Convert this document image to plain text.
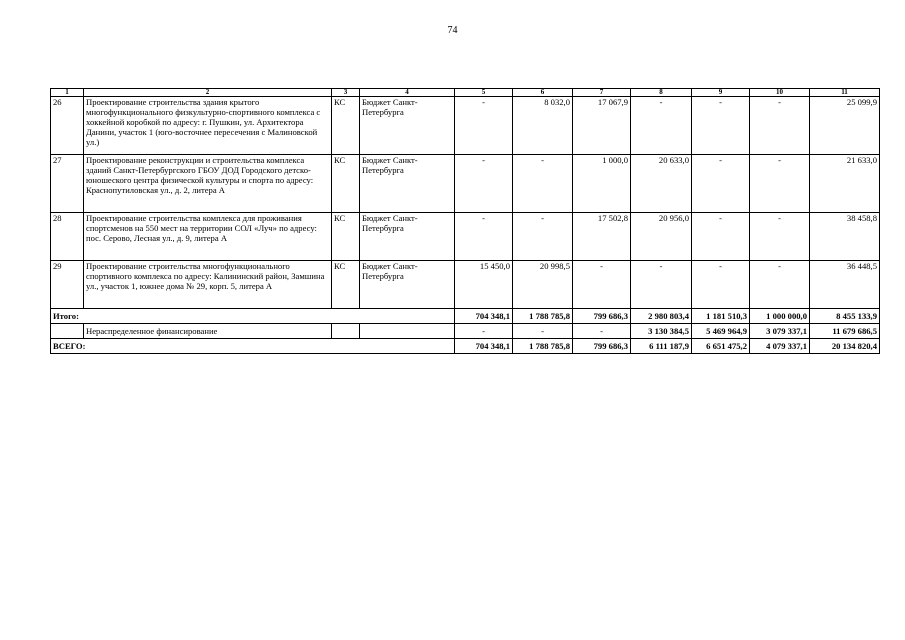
74
1	2	3	4	5	6	7	8	9	10	11
26	Проектирование строительства здания крытого многофункционального физкультурно-спортивного комплекса с хоккейной коробкой по адресу: г. Пушкин, ул. Архитектора Данини, участок 1 (юго-восточнее пересечения с Малиновской ул.)	КС	Бюджет Санкт-Петербурга	-	8 032,0	17 067,9	-	-	-	25 099,9
27	Проектирование реконструкции и строительства комплекса зданий Санкт-Петербургского ГБОУ ДОД Городского детско-юношеского центра физической культуры и спорта по адресу: Краснопутиловская ул., д. 2, литера А	КС	Бюджет Санкт-Петербурга	-	-	1 000,0	20 633,0	-	-	21 633,0
28	Проектирование строительства комплекса для проживания спортсменов на 550 мест на территории СОЛ «Луч» по адресу: пос. Серово, Лесная ул., д. 9, литера А	КС	Бюджет Санкт-Петербурга	-	-	17 502,8	20 956,0	-	-	38 458,8
29	Проектирование строительства многофункционального спортивного комплекса по адресу: Калининский район, Замшина ул., участок 1, южнее дома № 29, корп. 5, литера А	КС	Бюджет Санкт-Петербурга	15 450,0	20 998,5	-	-	-	-	36 448,5
Итого:				704 348,1	1 788 785,8	799 686,3	2 980 803,4	1 181 510,3	1 000 000,0	8 455 133,9
	Нераспределенное финансирование			-	-	-	3 130 384,5	5 469 964,9	3 079 337,1	11 679 686,5
ВСЕГО:				704 348,1	1 788 785,8	799 686,3	6 111 187,9	6 651 475,2	4 079 337,1	20 134 820,4
